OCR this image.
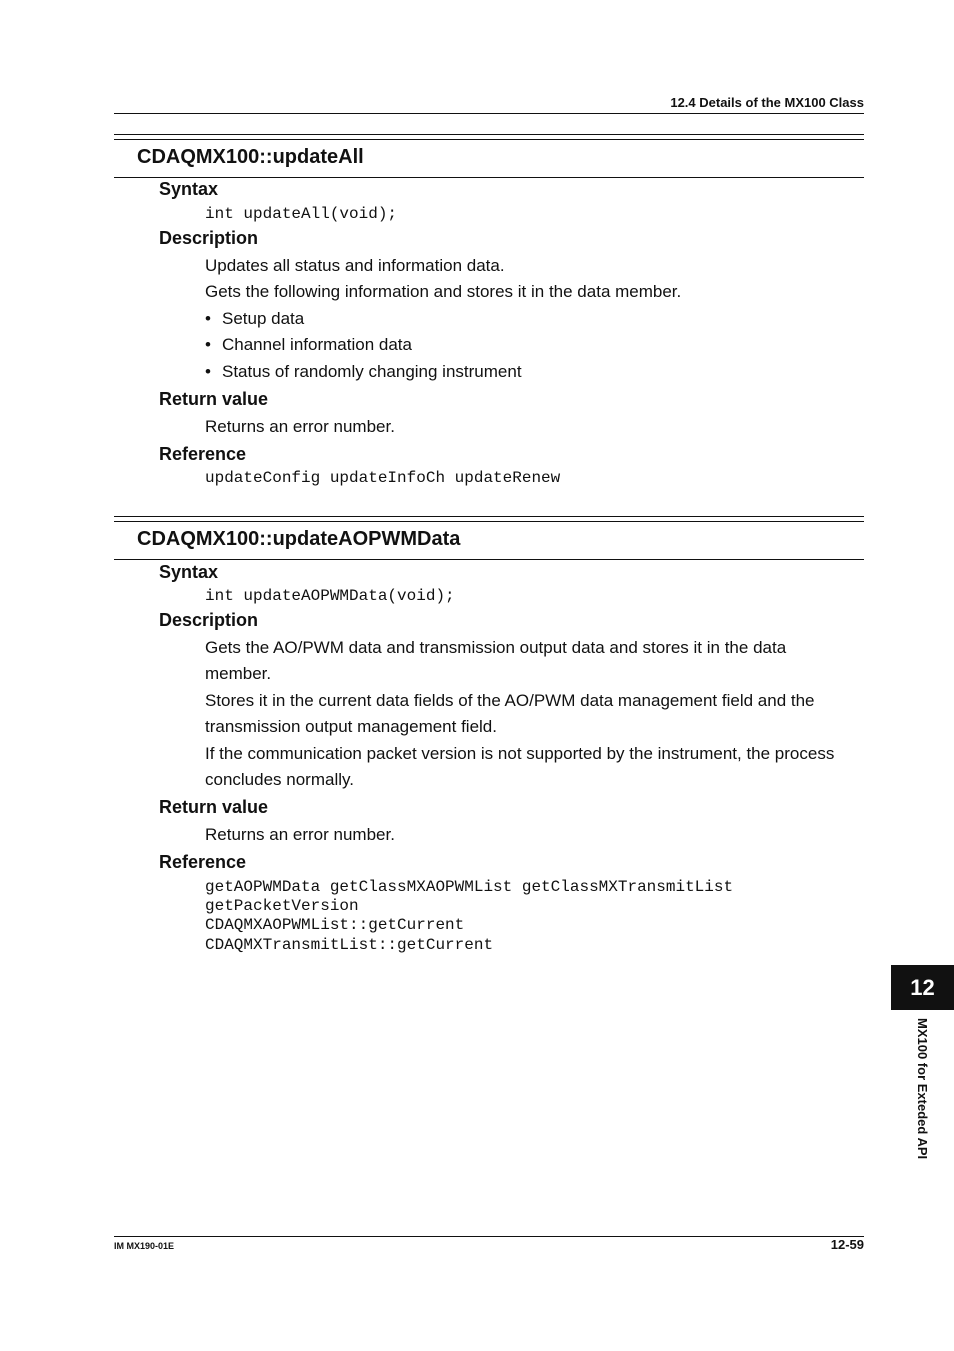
12.4 Details of the MX100 Class
CDAQMX100::updateAll
Syntax
int updateAll(void);
Description
Updates all status and information data.
Gets the following information and stores it in the data member.
• Setup data
• Channel information data
• Status of randomly changing instrument
Return value
Returns an error number.
Reference
updateConfig updateInfoCh updateRenew
CDAQMX100::updateAOPWMData
Syntax
int updateAOPWMData(void);
Description
Gets the AO/PWM data and transmission output data and stores it in the data
member.
Stores it in the current data fields of the AO/PWM data management field and the
transmission output management field.
If the communication packet version is not supported by the instrument, the process
concludes normally.
Return value
Returns an error number.
Reference
getAOPWMData getClassMXAOPWMList getClassMXTransmitList
getPacketVersion
CDAQMXAOPWMList::getCurrent
CDAQMXTransmitList::getCurrent
12
MX100 for Exteded API
IM MX190-01E	12-59
